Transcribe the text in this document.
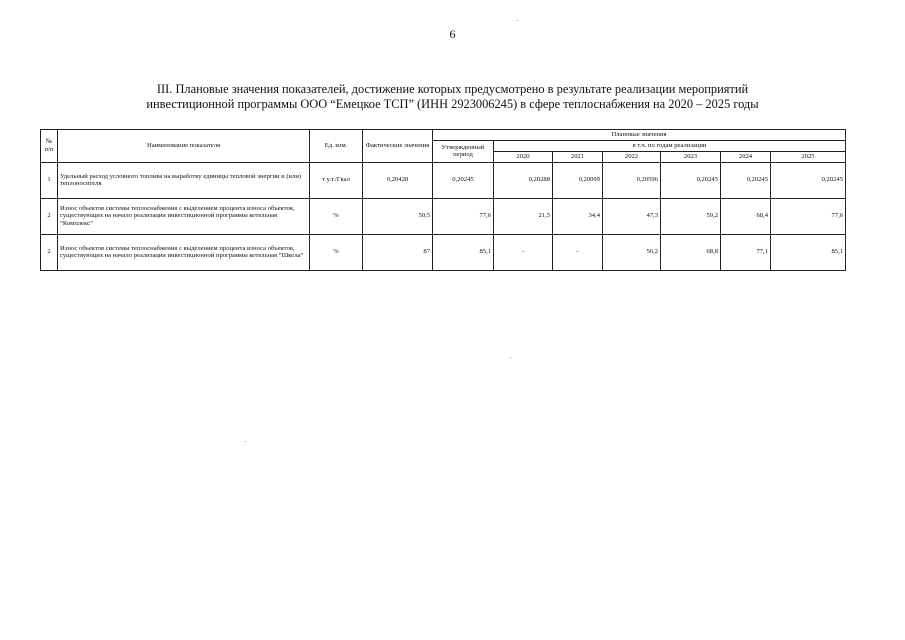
6
III. Плановые значения показателей, достижение которых предусмотрено в результате реализации мероприятий
инвестиционной программы ООО “Емецкое ТСП” (ИНН 2923006245) в сфере теплоснабжения на 2020 – 2025 годы
№ п/п	Наименование показателя	Ед. изм.	Фактические значения	Плановые значения						
				Утвержденный период	в т.ч. по годам реализации					
					2020	2021	2022	2023	2024	2025
1	Удельный расход условного топлива на выработку единицы тепловой энергии и (или) теплоносителя	т у.т./Гкал	0,20428	0,20245	0,20288	0,20099	0,20596	0,20245	0,20245	0,20245
2	Износ объектов системы теплоснабжения с выделением процента износа объектов, существующих на начало реализации инвестиционной программы котельная “Комплекс”	%	50,5	77,6	21,5	34,4	47,3	59,2	68,4	77,6
2	Износ объектов системы теплоснабжения с выделением процента износа объектов, существующих на начало реализации инвестиционной программы котельная “Школа”	%	87	85,1	-	-	56,2	68,8	77,1	85,1
